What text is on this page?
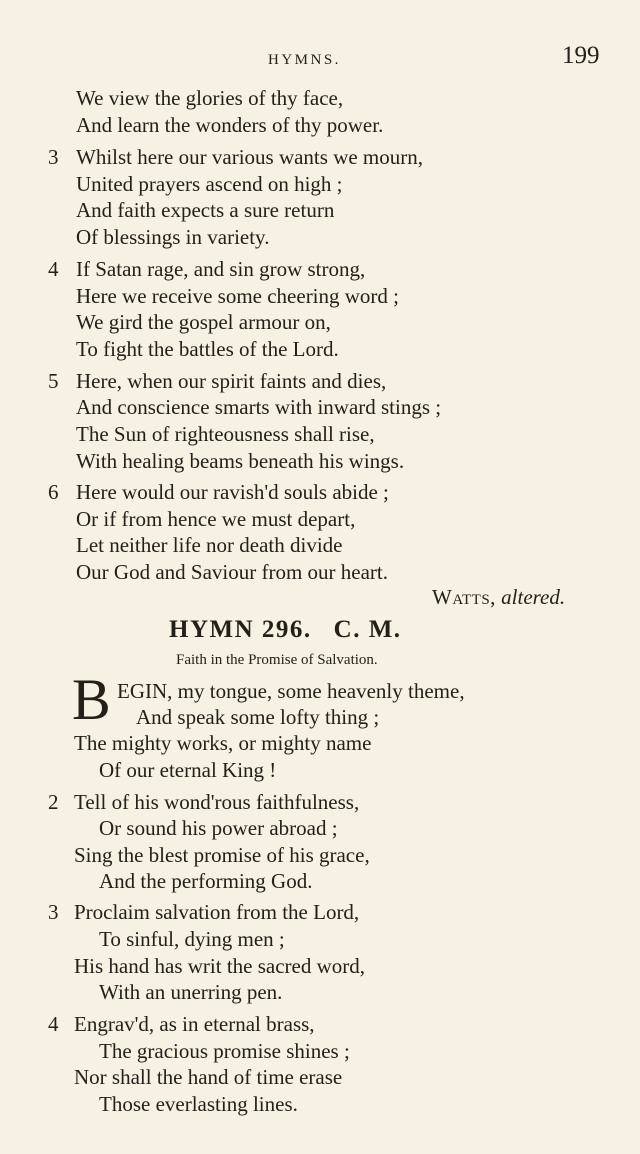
HYMNS.	199
We view the glories of thy face,
And learn the wonders of thy power.
3 Whilst here our various wants we mourn,
United prayers ascend on high ;
And faith expects a sure return
Of blessings in variety.
4 If Satan rage, and sin grow strong,
Here we receive some cheering word ;
We gird the gospel armour on,
To fight the battles of the Lord.
5 Here, when our spirit faints and dies,
And conscience smarts with inward stings ;
The Sun of righteousness shall rise,
With healing beams beneath his wings.
6 Here would our ravish'd souls abide ;
Or if from hence we must depart,
Let neither life nor death divide
Our God and Saviour from our heart.
Watts, altered.
HYMN 296. C. M.
Faith in the Promise of Salvation.
B EGIN, my tongue, some heavenly theme,
And speak some lofty thing ;
The mighty works, or mighty name
Of our eternal King !
2 Tell of his wond'rous faithfulness,
Or sound his power abroad ;
Sing the blest promise of his grace,
And the performing God.
3 Proclaim salvation from the Lord,
To sinful, dying men ;
His hand has writ the sacred word,
With an unerring pen.
4 Engrav'd, as in eternal brass,
The gracious promise shines ;
Nor shall the hand of time erase
Those everlasting lines.
